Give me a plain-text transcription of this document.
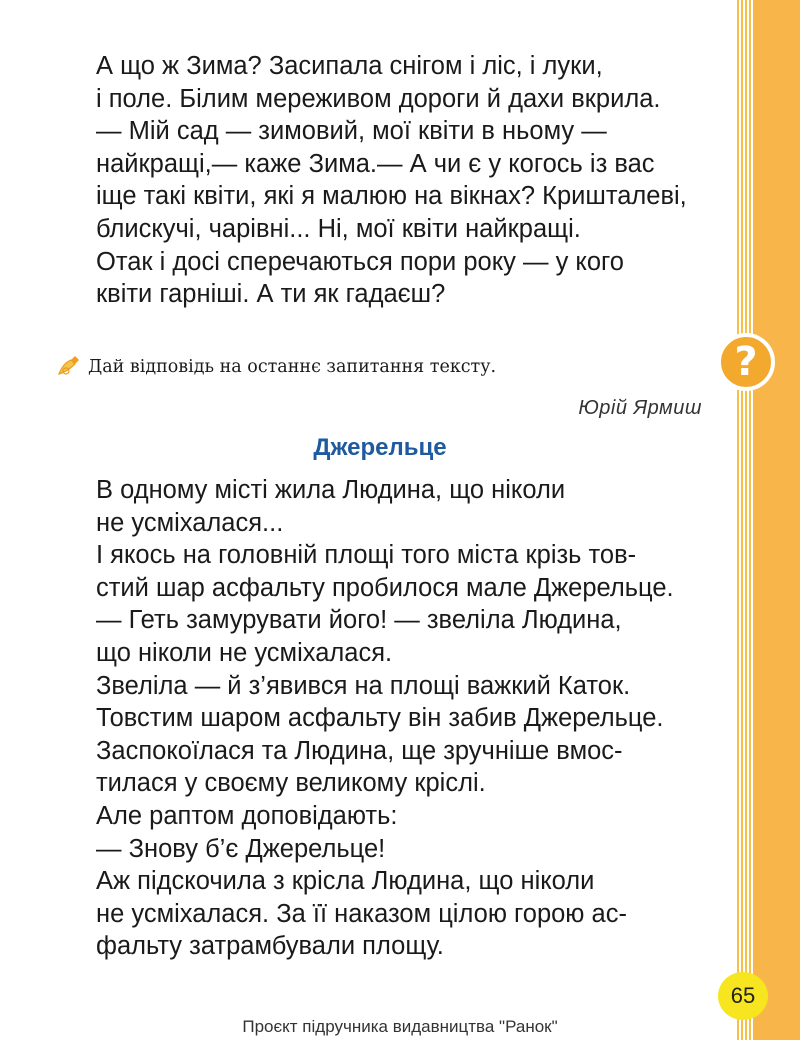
?
А що ж Зима? Засипала снігом і ліс, і луки,
і поле. Білим мереживом дороги й дахи вкрила.
— Мій сад — зимовий, мої квіти в ньому —
найкращі,— каже Зима.— А чи є у когось із вас
іще такі квіти, які я малюю на вікнах? Кришталеві,
блискучі, чарівні... Ні, мої квіти найкращі.
Отак і досі сперечаються пори року — у кого
квіти гарніші. А ти як гадаєш?
Дай відповідь на останнє запитання тексту.
Юрій Ярмиш
Джерельце
В одному місті жила Людина, що ніколи
не усміхалася...
І якось на головній площі того міста крізь тов-
стий шар асфальту пробилося мале Джерельце.
— Геть замурувати його! — звеліла Людина,
що ніколи не усміхалася.
Звеліла — й з’явився на площі важкий Каток.
Товстим шаром асфальту він забив Джерельце.
Заспокоїлася та Людина, ще зручніше вмос-
тилася у своєму великому кріслі.
Але раптом доповідають:
— Знову б’є Джерельце!
Аж підскочила з крісла Людина, що ніколи
не усміхалася. За її наказом цілою горою ас-
фальту затрамбували площу.
65
Проєкт підручника видавництва "Ранок"
